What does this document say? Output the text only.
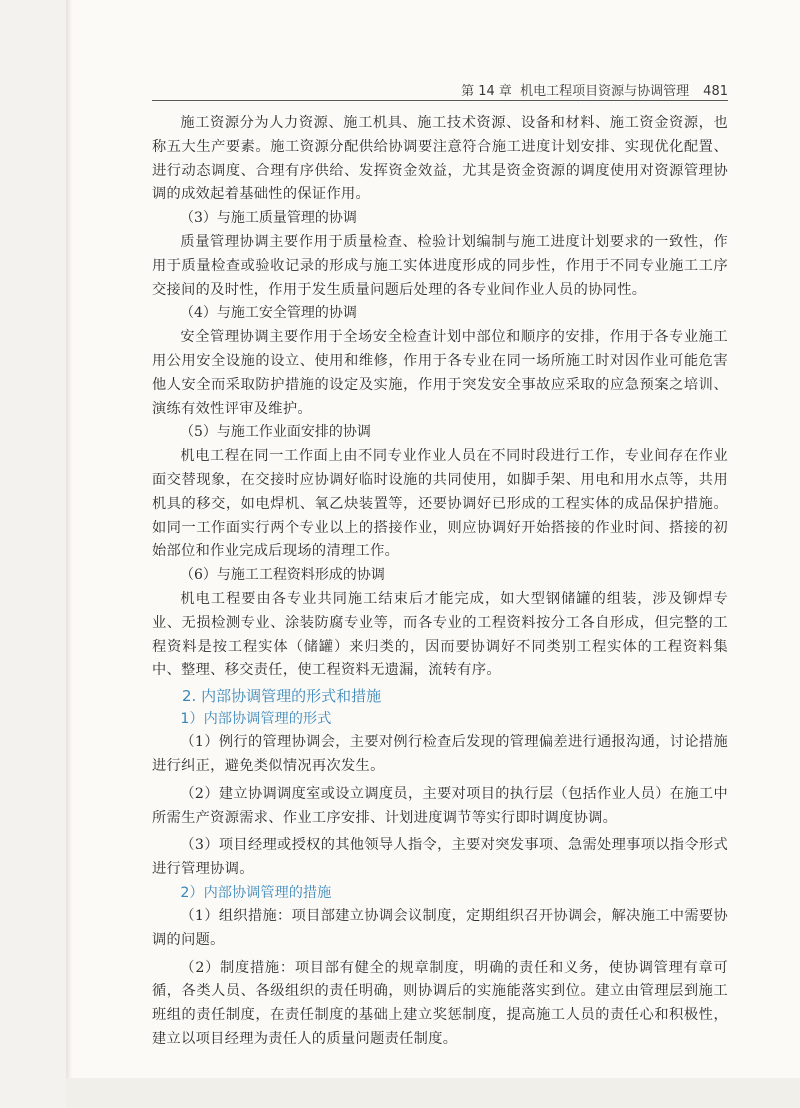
第 14 章 机电工程项目资源与协调管理 481

施工资源分为人力资源、施工机具、施工技术资源、设备和材料、施工资金资源，也称五大生产要素。施工资源分配供给协调要注意符合施工进度计划安排、实现优化配置、进行动态调度、合理有序供给、发挥资金效益，尤其是资金资源的调度使用对资源管理协调的成效起着基础性的保证作用。

（3）与施工质量管理的协调

质量管理协调主要作用于质量检查、检验计划编制与施工进度计划要求的一致性，作用于质量检查或验收记录的形成与施工实体进度形成的同步性，作用于不同专业施工工序交接间的及时性，作用于发生质量问题后处理的各专业间作业人员的协同性。

（4）与施工安全管理的协调

安全管理协调主要作用于全场安全检查计划中部位和顺序的安排，作用于各专业施工用公用安全设施的设立、使用和维修，作用于各专业在同一场所施工时对因作业可能危害他人安全而采取防护措施的设定及实施，作用于突发安全事故应采取的应急预案之培训、演练有效性评审及维护。

（5）与施工作业面安排的协调

机电工程在同一工作面上由不同专业作业人员在不同时段进行工作，专业间存在作业面交替现象，在交接时应协调好临时设施的共同使用，如脚手架、用电和用水点等，共用机具的移交，如电焊机、氧乙炔装置等，还要协调好已形成的工程实体的成品保护措施。如同一工作面实行两个专业以上的搭接作业，则应协调好开始搭接的作业时间、搭接的初始部位和作业完成后现场的清理工作。

（6）与施工工程资料形成的协调

机电工程要由各专业共同施工结束后才能完成，如大型钢储罐的组装，涉及铆焊专业、无损检测专业、涂装防腐专业等，而各专业的工程资料按分工各自形成，但完整的工程资料是按工程实体（储罐）来归类的，因而要协调好不同类别工程实体的工程资料集中、整理、移交责任，使工程资料无遗漏，流转有序。

2. 内部协调管理的形式和措施
1）内部协调管理的形式

（1）例行的管理协调会，主要对例行检查后发现的管理偏差进行通报沟通，讨论措施进行纠正，避免类似情况再次发生。

（2）建立协调调度室或设立调度员，主要对项目的执行层（包括作业人员）在施工中所需生产资源需求、作业工序安排、计划进度调节等实行即时调度协调。

（3）项目经理或授权的其他领导人指令，主要对突发事项、急需处理事项以指令形式进行管理协调。

2）内部协调管理的措施

（1）组织措施：项目部建立协调会议制度，定期组织召开协调会，解决施工中需要协调的问题。

（2）制度措施：项目部有健全的规章制度，明确的责任和义务，使协调管理有章可循，各类人员、各级组织的责任明确，则协调后的实施能落实到位。建立由管理层到施工班组的责任制度，在责任制度的基础上建立奖惩制度，提高施工人员的责任心和积极性，建立以项目经理为责任人的质量问题责任制度。
